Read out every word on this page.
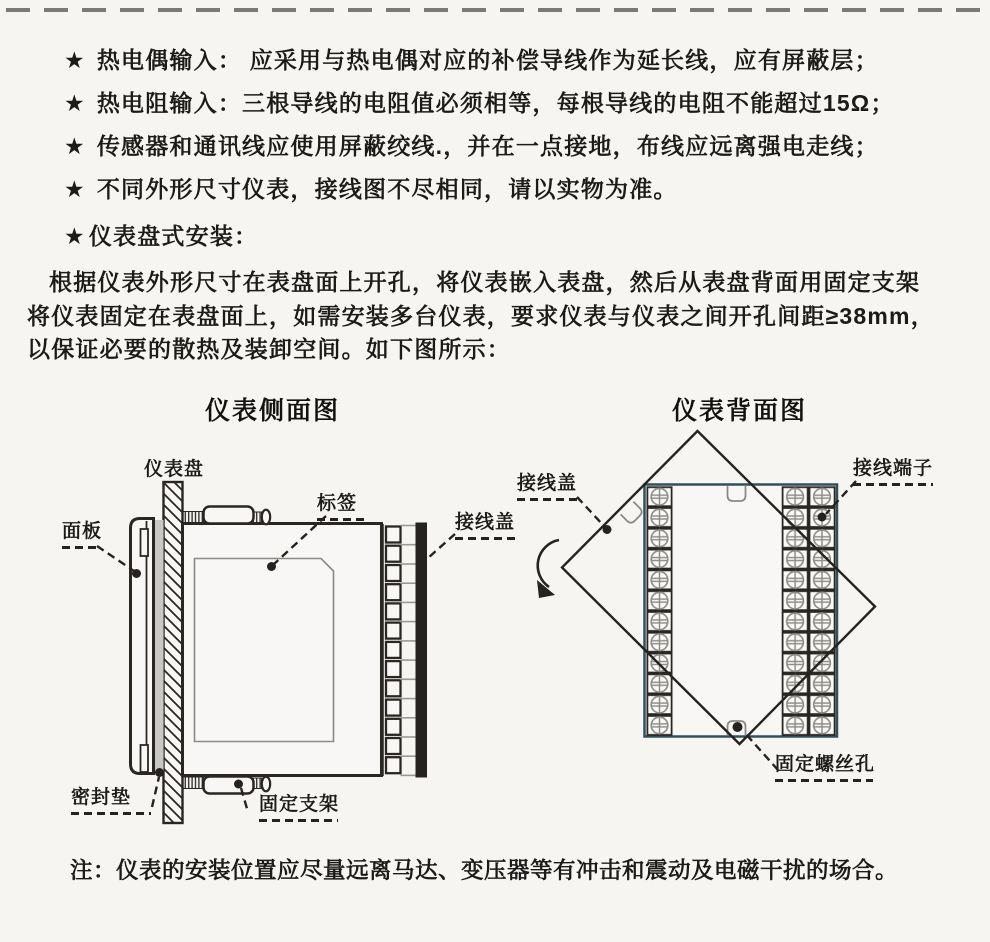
★ 热电偶输入： 应采用与热电偶对应的补偿导线作为延长线，应有屏蔽层；
★ 热电阻输入：三根导线的电阻值必须相等，每根导线的电阻不能超过15Ω；
★ 传感器和通讯线应使用屏蔽绞线.，并在一点接地，布线应远离强电走线；
★ 不同外形尺寸仪表，接线图不尽相同，请以实物为准。
★ 仪表盘式安装：
根据仪表外形尺寸在表盘面上开孔，将仪表嵌入表盘，然后从表盘背面用固定支架
将仪表固定在表盘面上，如需安装多台仪表，要求仪表与仪表之间开孔间距≥38mm，
以保证必要的散热及装卸空间。如下图所示：
仪表侧面图	仪表背面图
仪表盘
面板
标签
接线盖
密封垫	固定支架
接线盖
接线端子
固定螺丝孔
注：仪表的安装位置应尽量远离马达、变压器等有冲击和震动及电磁干扰的场合。
